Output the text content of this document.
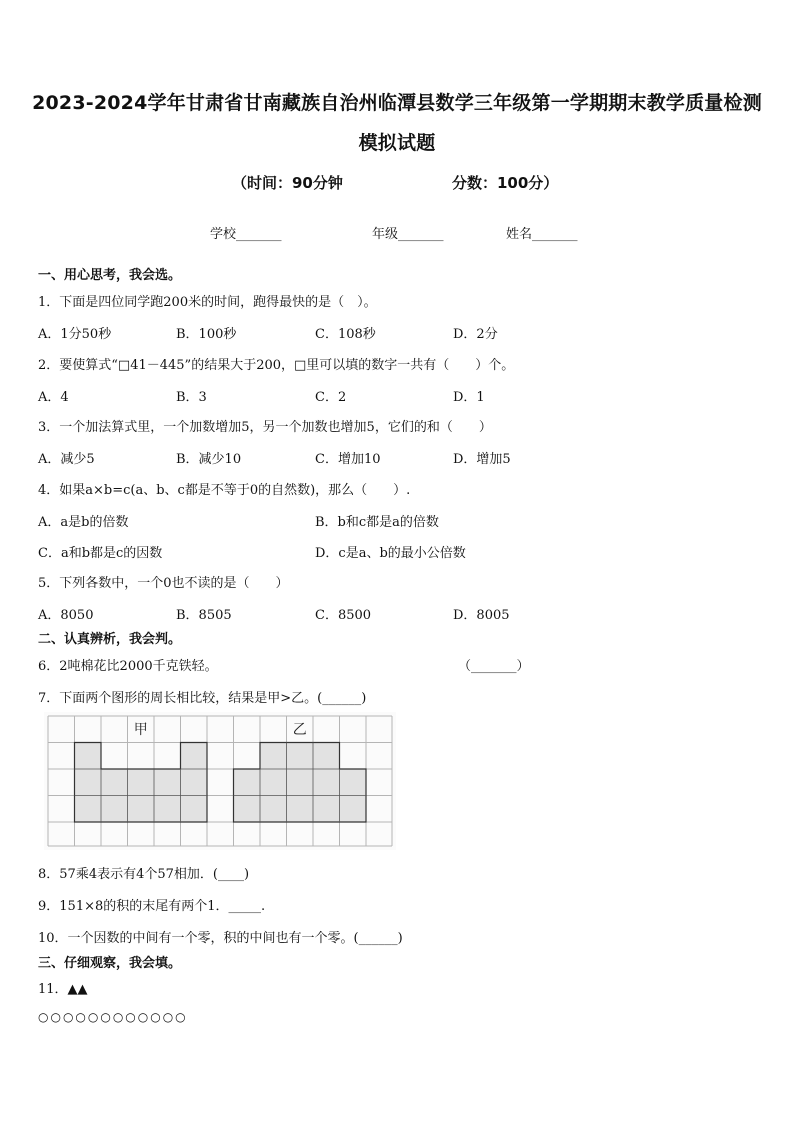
2023-2024学年甘肃省甘南藏族自治州临潭县数学三年级第一学期期末教学质量检测
模拟试题
（时间：90分钟	分数：100分）
学校_______	年级_______	姓名_______
一、用心思考，我会选。
1．下面是四位同学跑200米的时间，跑得最快的是（　）。
A．1分50秒	B．100秒	C．108秒	D．2分
2．要使算式“□41－445”的结果大于200，□里可以填的数字一共有（　　）个。
A．4	B．3	C．2	D．1
3．一个加法算式里，一个加数增加5，另一个加数也增加5，它们的和（　　）
A．减少5	B．减少10	C．增加10	D．增加5
4．如果a×b=c(a、b、c都是不等于0的自然数)，那么（　　）.
A．a是b的倍数	B．b和c都是a的倍数
C．a和b都是c的因数	D．c是a、b的最小公倍数
5．下列各数中，一个0也不读的是（　　）
A．8050	B．8505	C．8500	D．8005
二、认真辨析，我会判。
6．2吨棉花比2000千克铁轻。	（_______）
7．下面两个图形的周长相比较，结果是甲>乙。(______)
甲	乙
8．57乘4表示有4个57相加．(____)
9．151×8的积的末尾有两个1．_____.
10．一个因数的中间有一个零，积的中间也有一个零。(______)
三、仔细观察，我会填。
11．▲▲
○○○○○○○○○○○○
